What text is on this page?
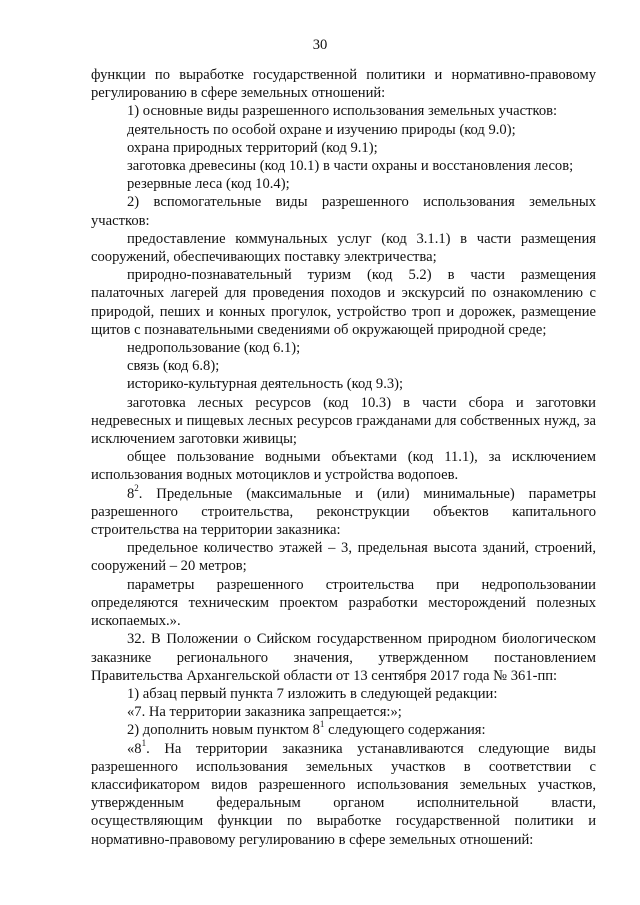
30

функции по выработке государственной политики и нормативно-правовому регулированию в сфере земельных отношений:

1) основные виды разрешенного использования земельных участков:

деятельность по особой охране и изучению природы (код 9.0);

охрана природных территорий (код 9.1);

заготовка древесины (код 10.1) в части охраны и восстановления лесов;

резервные леса (код 10.4);

2) вспомогательные виды разрешенного использования земельных участков:

предоставление коммунальных услуг (код 3.1.1) в части размещения сооружений, обеспечивающих поставку электричества;

природно-познавательный туризм (код 5.2) в части размещения палаточных лагерей для проведения походов и экскурсий по ознакомлению с природой, пеших и конных прогулок, устройство троп и дорожек, размещение щитов с познавательными сведениями об окружающей природной среде;

недропользование (код 6.1);

связь (код 6.8);

историко-культурная деятельность (код 9.3);

заготовка лесных ресурсов (код 10.3) в части сбора и заготовки недревесных и пищевых лесных ресурсов гражданами для собственных нужд, за исключением заготовки живицы;

общее пользование водными объектами (код 11.1), за исключением использования водных мотоциклов и устройства водопоев.

$8^2$. Предельные (максимальные и (или) минимальные) параметры разрешенного строительства, реконструкции объектов капитального строительства на территории заказника:

предельное количество этажей – 3, предельная высота зданий, строений, сооружений – 20 метров;

параметры разрешенного строительства при недропользовании определяются техническим проектом разработки месторождений полезных ископаемых.».

32. В Положении о Сийском государственном природном биологическом заказнике регионального значения, утвержденном постановлением Правительства Архангельской области от 13 сентября 2017 года № 361-пп:

1) абзац первый пункта 7 изложить в следующей редакции:

«7. На территории заказника запрещается:»;

2) дополнить новым пунктом $8^1$ следующего содержания:

«$8^1$. На территории заказника устанавливаются следующие виды разрешенного использования земельных участков в соответствии с классификатором видов разрешенного использования земельных участков, утвержденным федеральным органом исполнительной власти, осуществляющим функции по выработке государственной политики и нормативно-правовому регулированию в сфере земельных отношений:
